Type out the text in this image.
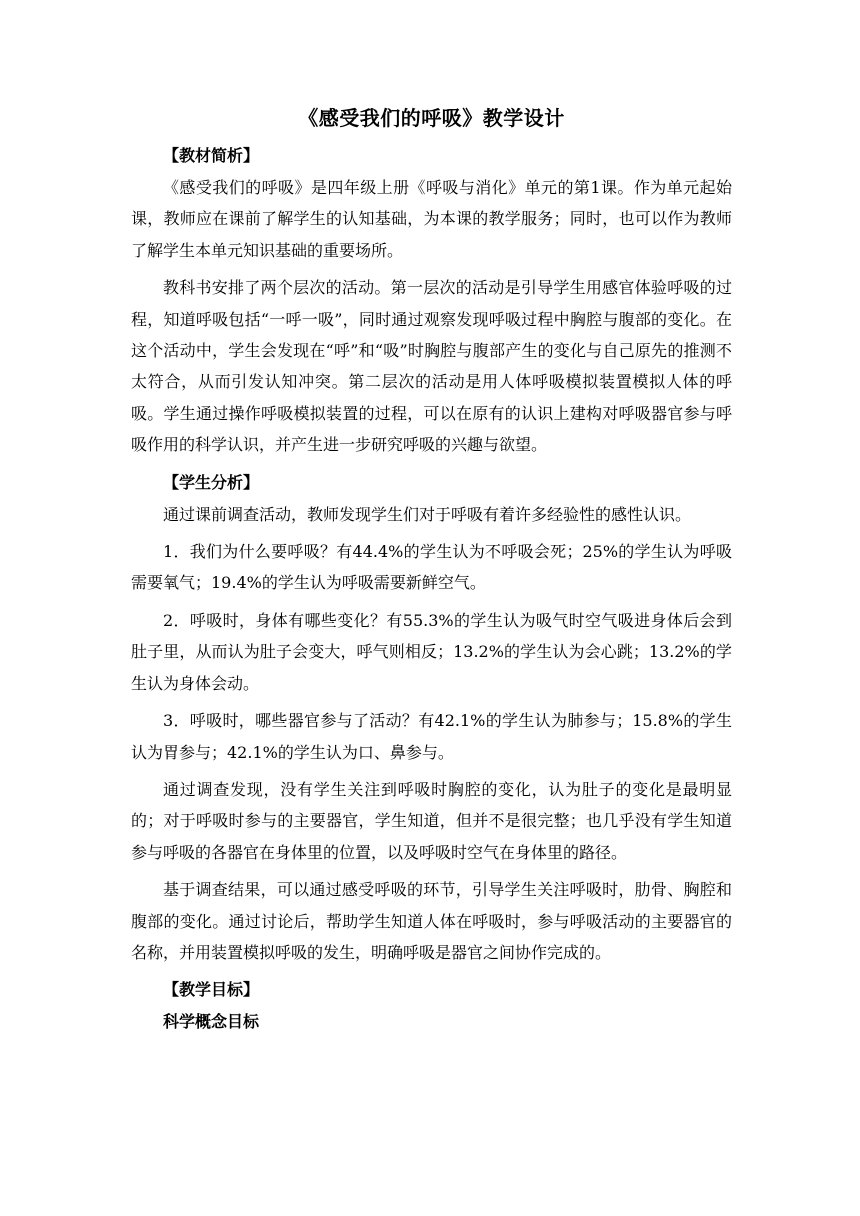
《感受我们的呼吸》教学设计
【教材简析】

《感受我们的呼吸》是四年级上册《呼吸与消化》单元的第1课。作为单元起始课，教师应在课前了解学生的认知基础，为本课的教学服务；同时，也可以作为教师了解学生本单元知识基础的重要场所。

教科书安排了两个层次的活动。第一层次的活动是引导学生用感官体验呼吸的过程，知道呼吸包括“一呼一吸”，同时通过观察发现呼吸过程中胸腔与腹部的变化。在这个活动中，学生会发现在“呼”和“吸”时胸腔与腹部产生的变化与自己原先的推测不太符合，从而引发认知冲突。第二层次的活动是用人体呼吸模拟装置模拟人体的呼吸。学生通过操作呼吸模拟装置的过程，可以在原有的认识上建构对呼吸器官参与呼吸作用的科学认识，并产生进一步研究呼吸的兴趣与欲望。

【学生分析】

通过课前调查活动，教师发现学生们对于呼吸有着许多经验性的感性认识。

1．我们为什么要呼吸？有44.4%的学生认为不呼吸会死；25%的学生认为呼吸需要氧气；19.4%的学生认为呼吸需要新鲜空气。

2．呼吸时，身体有哪些变化？有55.3%的学生认为吸气时空气吸进身体后会到肚子里，从而认为肚子会变大，呼气则相反；13.2%的学生认为会心跳；13.2%的学生认为身体会动。

3．呼吸时，哪些器官参与了活动？有42.1%的学生认为肺参与；15.8%的学生认为胃参与；42.1%的学生认为口、鼻参与。

通过调查发现，没有学生关注到呼吸时胸腔的变化，认为肚子的变化是最明显的；对于呼吸时参与的主要器官，学生知道，但并不是很完整；也几乎没有学生知道参与呼吸的各器官在身体里的位置，以及呼吸时空气在身体里的路径。

基于调查结果，可以通过感受呼吸的环节，引导学生关注呼吸时，肋骨、胸腔和腹部的变化。通过讨论后，帮助学生知道人体在呼吸时，参与呼吸活动的主要器官的名称，并用装置模拟呼吸的发生，明确呼吸是器官之间协作完成的。

【教学目标】
科学概念目标
